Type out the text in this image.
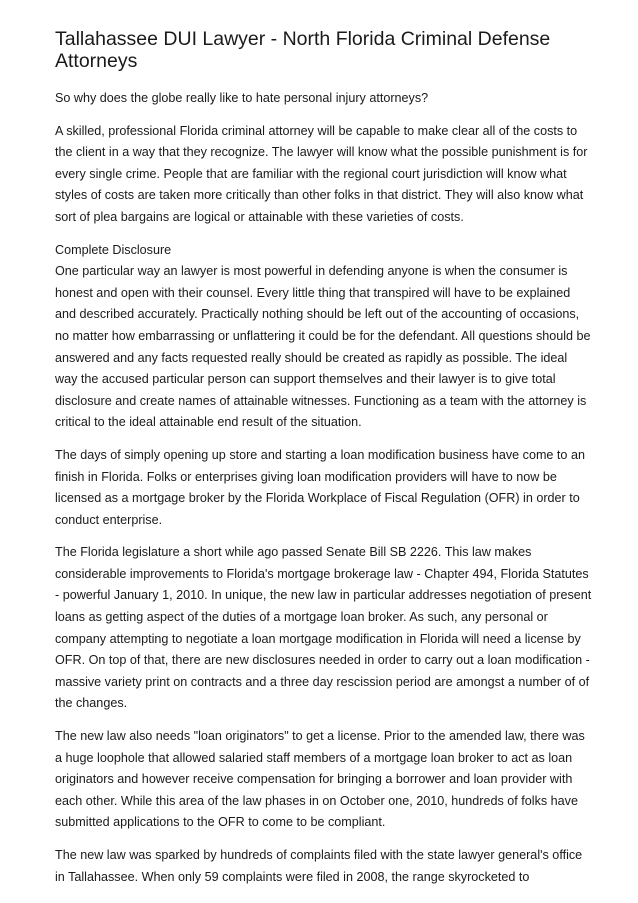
Tallahassee DUI Lawyer - North Florida Criminal Defense Attorneys

So why does the globe really like to hate personal injury attorneys?

A skilled, professional Florida criminal attorney will be capable to make clear all of the costs to the client in a way that they recognize. The lawyer will know what the possible punishment is for every single crime. People that are familiar with the regional court jurisdiction will know what styles of costs are taken more critically than other folks in that district. They will also know what sort of plea bargains are logical or attainable with these varieties of costs.

Complete Disclosure

One particular way an lawyer is most powerful in defending anyone is when the consumer is honest and open with their counsel. Every little thing that transpired will have to be explained and described accurately. Practically nothing should be left out of the accounting of occasions, no matter how embarrassing or unflattering it could be for the defendant. All questions should be answered and any facts requested really should be created as rapidly as possible. The ideal way the accused particular person can support themselves and their lawyer is to give total disclosure and create names of attainable witnesses. Functioning as a team with the attorney is critical to the ideal attainable end result of the situation.

The days of simply opening up store and starting a loan modification business have come to an finish in Florida. Folks or enterprises giving loan modification providers will have to now be licensed as a mortgage broker by the Florida Workplace of Fiscal Regulation (OFR) in order to conduct enterprise.

The Florida legislature a short while ago passed Senate Bill SB 2226. This law makes considerable improvements to Florida's mortgage brokerage law - Chapter 494, Florida Statutes - powerful January 1, 2010. In unique, the new law in particular addresses negotiation of present loans as getting aspect of the duties of a mortgage loan broker. As such, any personal or company attempting to negotiate a loan mortgage modification in Florida will need a license by OFR. On top of that, there are new disclosures needed in order to carry out a loan modification - massive variety print on contracts and a three day rescission period are amongst a number of of the changes.

The new law also needs "loan originators" to get a license. Prior to the amended law, there was a huge loophole that allowed salaried staff members of a mortgage loan broker to act as loan originators and however receive compensation for bringing a borrower and loan provider with each other. While this area of the law phases in on October one, 2010, hundreds of folks have submitted applications to the OFR to come to be compliant.

The new law was sparked by hundreds of complaints filed with the state lawyer general's office in Tallahassee. When only 59 complaints were filed in 2008, the range skyrocketed to
